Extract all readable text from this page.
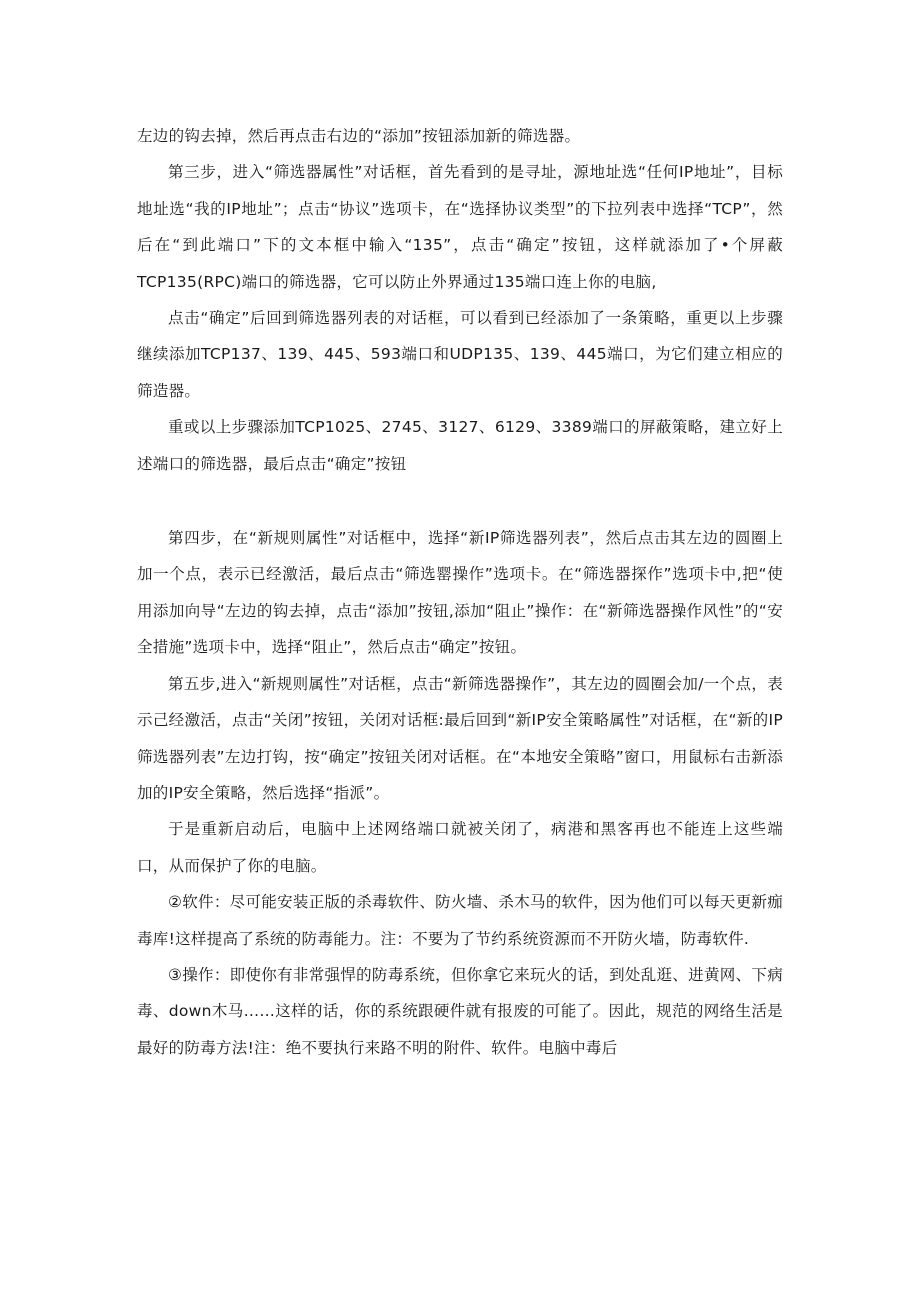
左边的钩去掉，然后再点击右边的“添加”按钮添加新的筛选器。

第三步，进入“筛选器属性”对话框，首先看到的是寻址，源地址选“任何IP地址”，目标地址选“我的IP地址”；点击“协议”选项卡，在“选择协议类型”的下拉列表中选择“TCP”，然后在“到此端口”下的文本框中输入“135”，点击“确定”按钮，这样就添加了•个屏蔽TCP135(RPC)端口的筛选器，它可以防止外界通过135端口连上你的电脑,

点击“确定”后回到筛选器列表的对话框，可以看到已经添加了一条策略，重更以上步骤继续添加TCP137、139、445、593端口和UDP135、139、445端口，为它们建立相应的筛造器。

重或以上步骤添加TCP1025、2745、3127、6129、3389端口的屏蔽策略，建立好上述端口的筛选器，最后点击“确定”按钮

第四步，在“新规则属性”对话框中，选择“新IP筛选器列表”，然后点击其左边的圆圈上加一个点，表示已经激活，最后点击“筛选罂操作”选项卡。在“筛选器探作”选项卡中,把“使用添加向导“左边的钩去掉，点击“添加”按钮,添加“阻止”操作：在“新筛选器操作风性”的“安全措施”选项卡中，选择“阻止”，然后点击“确定”按钮。

第五步,进入“新规则属性”对话框，点击“新筛选器操作”，其左边的圆圈会加/一个点，表示己经激活，点击“关闭”按钮，关闭对话框:最后回到“新IP安全策略属性”对话框，在“新的IP筛选器列表”左边打钩，按“确定”按钮关闭对话框。在“本地安全策略”窗口，用鼠标右击新添加的IP安全策略，然后选择“指派”。

于是重新启动后，电脑中上述网络端口就被关闭了，病港和黑客再也不能连上这些端口，从而保护了你的电脑。

②软件：尽可能安装正版的杀毒软件、防火墙、杀木马的软件，因为他们可以每天更新痂毒库!这样提高了系统的防毒能力。注：不要为了节约系统资源而不开防火墙，防毒软件.

③操作：即使你有非常强悍的防毒系统，但你拿它来玩火的话，到处乱逛、进黄网、下病毒、down木马……这样的话，你的系统跟硬件就有报废的可能了。因此，规范的网络生活是最好的防毒方法!注：绝不要执行来路不明的附件、软件。电脑中毒后
